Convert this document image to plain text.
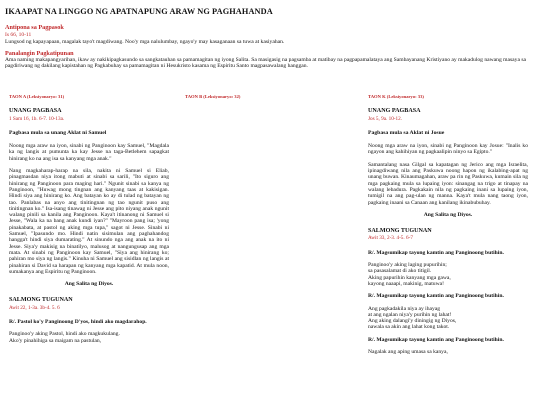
IKAAPAT NA LINGGO NG APATNAPUNG ARAW NG PAGHAHANDA
Antipona sa Pagpasok
Is 66, 10-11
Lungsod ng kapayapaan, magalak tayo't magdiwang. Noo'y mga nalulumbay, ngayo'y may kasaganaan sa tuwa at kasiyahan.
Panalangin Pagkatipunan
Ama naming makapangyarihan, ikaw ay nakikipagkasundo sa sangkatauhan sa pamamagitan ng iyong Salita. Sa masigasig na pagsamba at matibay na pagpapamalataya ang Sambayanang Kristiyano ay makadulog nawang masaya sa pagdiriwang ng dakilang kapistahan ng Pagkabuhay sa pamamagitan ni Hesukristo kasama ng Espiritu Santo magpasawalang hanggan.
TAON A (Leksiyonaryo: 31)
UNANG PAGBASA
1 Sam 16, 1b. 6-7. 10-13a.
Pagbasa mula sa unang Aklat ni Samuel
Noong mga araw na iyon, sinabi ng Panginoon kay Samuel, "Magdala ka ng langis at pumunta ka kay Jesse na taga-Betlehem sapagkat hinirang ko na ang isa sa kanyang mga anak."
Nang magkaharap-harap na sila, nakita ni Samuel si Eliab, pinagmasdan niya itong mabuti at sinabi sa sarili, "Ito siguro ang hinirang ng Panginoon para maging hari." Ngunit sinabi sa kanya ng Panginoon, "Huwag mong tingnan ang kanyang taas at kakisigan. Hindi siya ang hinirang ko. Ang batayan ko ay di tulad ng batayan ng tao. Panlabas na anyo ang tinitingnan ng tao ngunit puso ang tinitingnan ko." Isa-isang tinawag ni Jesse ang pito niyang anak ngunit walang pinili sa kanila ang Panginoon. Kaya't itinanong ni Samuel si Jesse, "Wala ka na bang anak kundi iyan?" "Mayroon pang isa; 'yong pinakabata, at pastol ng aking mga tupa," sagot ni Jesse. Sinabi ni Samuel, "Ipasundo mo. Hindi natin sisimulan ang paghahandog hangga't hindi siya dumarating." At sinundo nga ang anak na ito ni Jesse. Siya'y makisig na binatilyo, malusog at nangungusap ang mga mata. At sinabi ng Panginoon kay Samuel, "Siya ang hinirang ko; pahiran mo siya ng langis." Kinuha ni Samuel ang sisidlan ng langis at pinahiran si David sa harapan ng kanyang mga kapatid. At mula noon, sumakanya ang Espiritu ng Panginoon.
Ang Salita ng Diyos.
SALMONG TUGUNAN
Awit 22, 1-3a. 3b-4. 5. 6
R/. Pastol ko'y Panginoong D'yos, hindi ako magdarahop.
Panginoo'y aking Pastol, hindi ako magkukulang.
Ako'y pinahihiga sa maigam na pastulan,
TAON B (Leksiyonaryo: 32)	TAON K (Leksiyonaryo: 33)
UNANG PAGBASA
Jos 5, 9a. 10-12.
Pagbasa mula sa Aklat ni Josue
Noong mga araw na iyon, sinabi ng Panginoon kay Josue: "Inalis ko ngayon ang kahihiyan ng pagkaalipin ninyo sa Egipto."
Samantalang nasa Gilgal sa kapatagan ng Jerico ang mga Israelita, ipinagdiwang nila ang Paskuwa noong hapon ng ikalabing-apat ng unang buwan. Kinaumagahan, araw pa rin ng Paskuwa, kumain sila ng mga pagkaing mula sa lupaing iyon: sinangag na trigo at tinapay na walang lebadura. Pagkakain nila ng pagkaing inani sa lupaing iyon, tumigil na ang pag-ulan ng manna. Kaya't mula nang taong iyon, pagkaing inaani sa Canaan ang kanilang ikinabubuhay.
Ang Salita ng Diyos.
SALMONG TUGUNAN
Awit 33, 2-3. 4-5. 6-7
R/. Magsumikap tayong kamtin ang Panginoong butihin.
Panginoo'y aking laging pupurihin;
sa pasasalamat di ako titigil.
Aking papurihin kanyang mga gawa,
kayong naaapi, makinig, matuwa!
R/. Magsumikap tayong kamtin ang Panginoong butihin.
Ang pagkadakila niya ay ihayag
at ang ngalan niya'y purihin ng lahat!
Ang aking dalangi'y diningig ng Diyos,
nawala sa akin ang lahat kong takot.
R/. Magsumikap tayong kamtin ang Panginoong butihin.
Nagalak ang aping umasa sa kanya,
